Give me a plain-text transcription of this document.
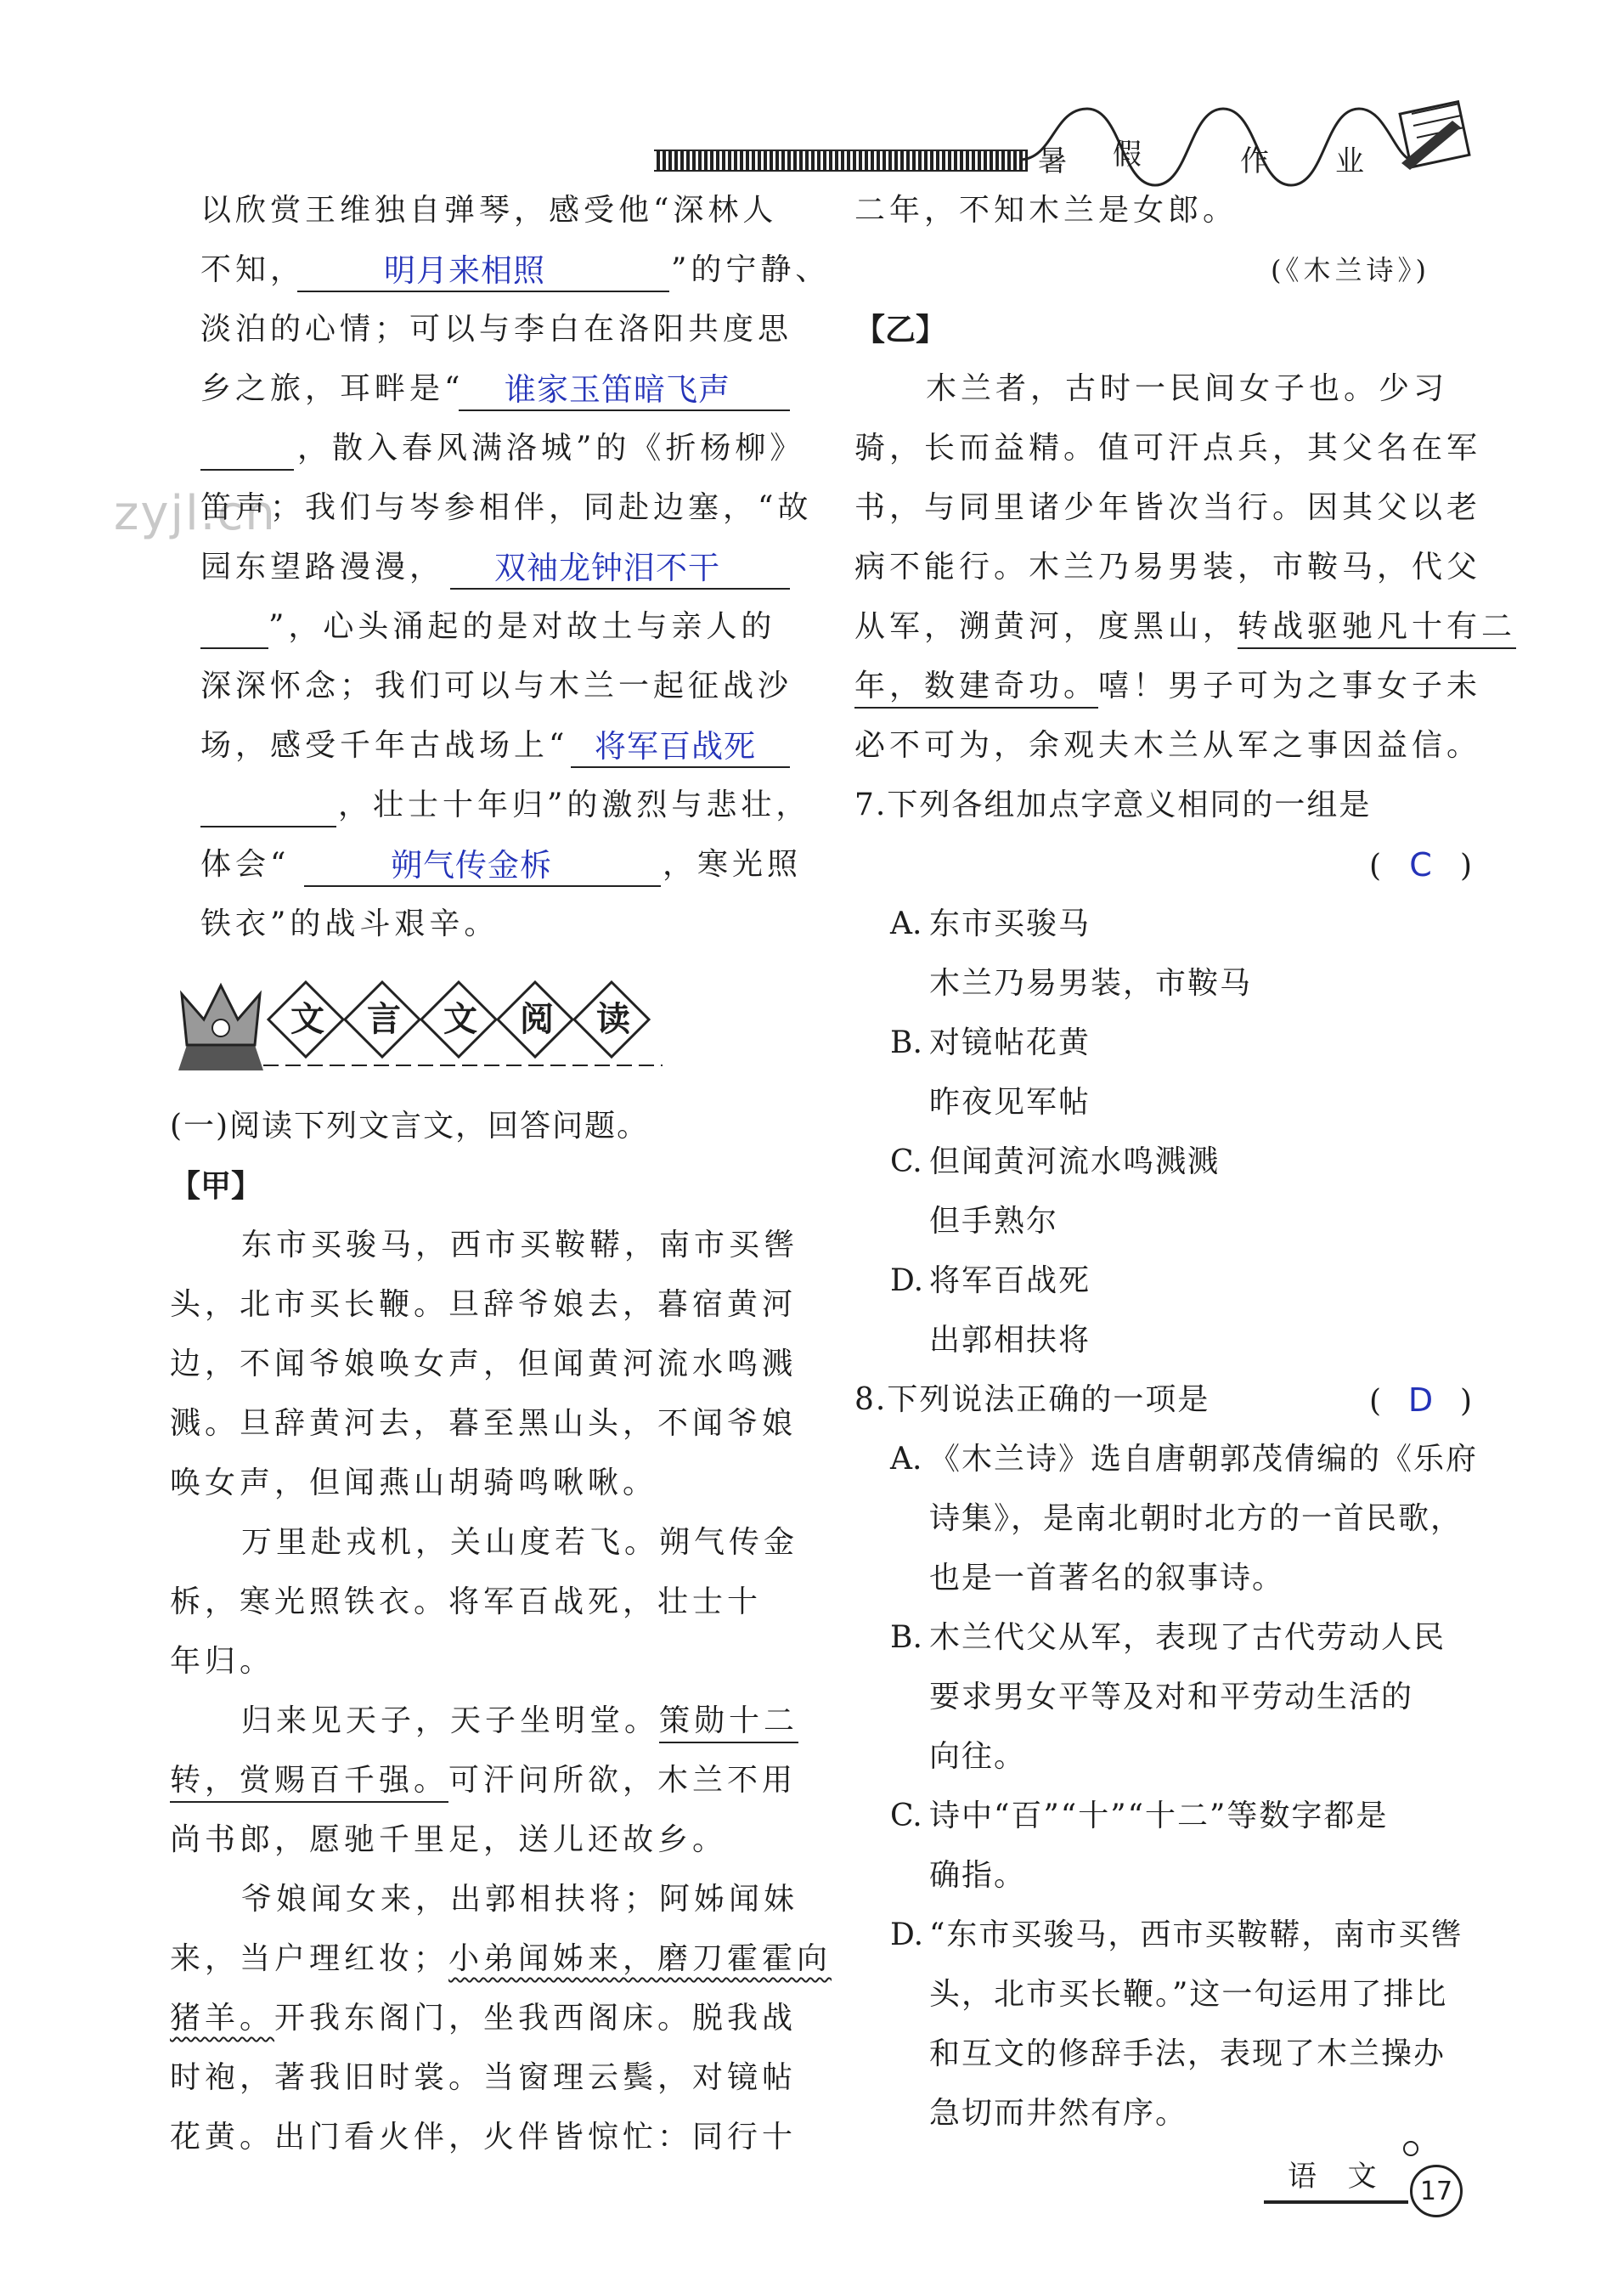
暑 假	作 业
zyjl.cn
以欣赏王维独自弹琴，感受他“深林人
不知，	明月来相照	”的宁静、
淡泊的心情；可以与李白在洛阳共度思
乡之旅，耳畔是“ 谁家玉笛暗飞声
，散入春风满洛城”的《折杨柳》
笛声；我们与岑参相伴，同赴边塞，“故
园东望路漫漫， 双袖龙钟泪不干
”，心头涌起的是对故土与亲人的
深深怀念；我们可以与木兰一起征战沙
场，感受千年古战场上“ 将军百战死
，壮士十年归”的激烈与悲壮，
体会“	朔气传金柝	，寒光照
铁衣”的战斗艰辛。
文 言 文 阅 读
(一)阅读下列文言文，回答问题。
【甲】
东市买骏马，西市买鞍鞯，南市买辔
头，北市买长鞭。旦辞爷娘去，暮宿黄河
边，不闻爷娘唤女声，但闻黄河流水鸣溅
溅。旦辞黄河去，暮至黑山头，不闻爷娘
唤女声，但闻燕山胡骑鸣啾啾。
万里赴戎机，关山度若飞。朔气传金
柝，寒光照铁衣。将军百战死，壮士十
年归。
归来见天子，天子坐明堂。策勋十二
转，赏赐百千强。可汗问所欲，木兰不用
尚书郎，愿驰千里足，送儿还故乡。
爷娘闻女来，出郭相扶将；阿姊闻妹
来，当户理红妆；小弟闻姊来，磨刀霍霍向
猪羊。开我东阁门，坐我西阁床。脱我战
时袍，著我旧时裳。当窗理云鬓，对镜帖
花黄。出门看火伴，火伴皆惊忙：同行十
二年，不知木兰是女郎。
(《木兰诗》)
【乙】
木兰者，古时一民间女子也。少习
骑，长而益精。值可汗点兵，其父名在军
书，与同里诸少年皆次当行。因其父以老
病不能行。木兰乃易男装，市鞍马，代父
从军，溯黄河，度黑山，转战驱驰凡十有二
年，数建奇功。嘻！男子可为之事女子未
必不可为，余观夫木兰从军之事因益信。
7.下列各组加点字意义相同的一组是
( C )
A. 东市买骏马
木兰乃易男装，市鞍马
B. 对镜帖花黄
昨夜见军帖
C. 但闻黄河流水鸣溅溅
但手熟尔
D. 将军百战死
出郭相扶将
8.下列说法正确的一项是	( D )
A. 《木兰诗》选自唐朝郭茂倩编的《乐府
诗集》，是南北朝时北方的一首民歌，
也是一首著名的叙事诗。
B. 木兰代父从军，表现了古代劳动人民
要求男女平等及对和平劳动生活的
向往。
C. 诗中“百”“十”“十二”等数字都是
确指。
D. “东市买骏马，西市买鞍鞯，南市买辔
头，北市买长鞭。”这一句运用了排比
和互文的修辞手法，表现了木兰操办
急切而井然有序。
语  文 17
